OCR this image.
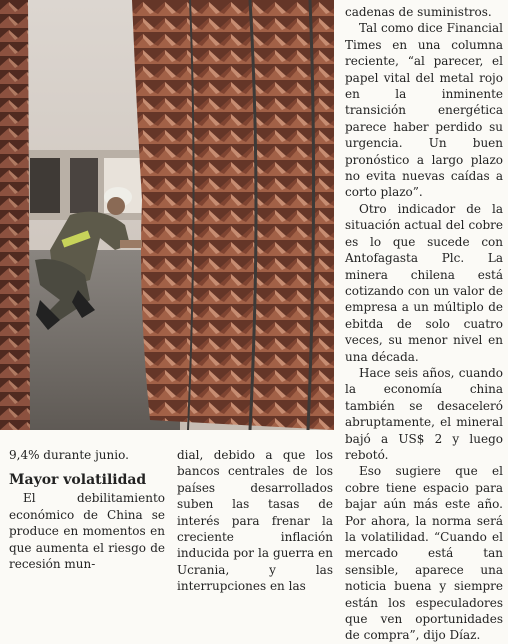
cadenas de suministros.

Tal como dice Financial Times en una columna reciente, “al parecer, el papel vital del metal rojo en la inminente transición energética parece haber perdido su urgencia. Un buen pronóstico a largo plazo no evita nuevas caídas a corto plazo”.

Otro indicador de la situación actual del cobre es lo que sucede con Antofagasta Plc. La minera chilena está cotizando con un valor de empresa a un múltiplo de ebitda de solo cuatro veces, su menor nivel en una década.

Hace seis años, cuando la economía china también se desaceleró abruptamente, el mineral bajó a US$ 2 y luego rebotó.

Eso sugiere que el cobre tiene espacio para bajar aún más este año. Por ahora, la norma será la volatilidad. “Cuando el mercado está tan sensible, aparece una noticia buena y siempre están los especuladores que ven oportunidades de compra”, dijo Díaz.

9,4% durante junio.

Mayor volatilidad

El debilitamiento económico de China se produce en momentos en que aumenta el riesgo de recesión mun-

dial, debido a que los bancos centrales de los países desarrollados suben las tasas de interés para frenar la creciente inflación inducida por la guerra en Ucrania, y las interrupciones en las
